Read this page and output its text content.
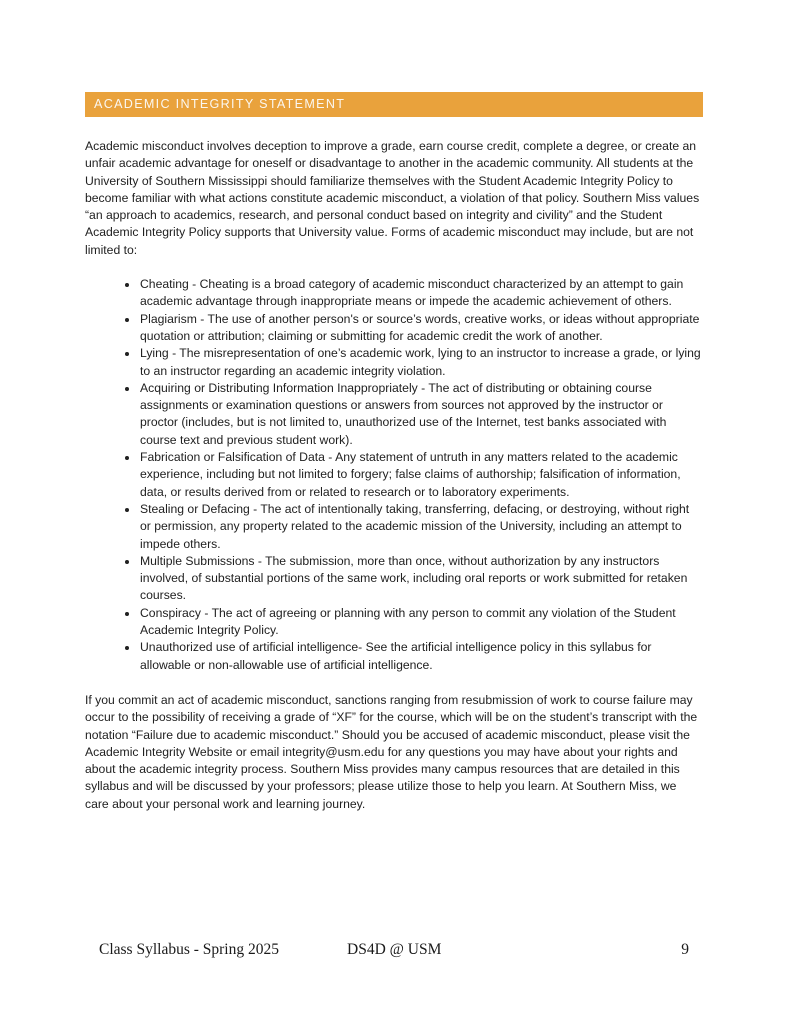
ACADEMIC INTEGRITY STATEMENT

Academic misconduct involves deception to improve a grade, earn course credit, complete a degree, or create an unfair academic advantage for oneself or disadvantage to another in the academic community. All students at the University of Southern Mississippi should familiarize themselves with the Student Academic Integrity Policy to become familiar with what actions constitute academic misconduct, a violation of that policy. Southern Miss values “an approach to academics, research, and personal conduct based on integrity and civility” and the Student Academic Integrity Policy supports that University value. Forms of academic misconduct may include, but are not limited to:

• Cheating - Cheating is a broad category of academic misconduct characterized by an attempt to gain academic advantage through inappropriate means or impede the academic achievement of others.
• Plagiarism - The use of another person's or source’s words, creative works, or ideas without appropriate quotation or attribution; claiming or submitting for academic credit the work of another.
• Lying - The misrepresentation of one’s academic work, lying to an instructor to increase a grade, or lying to an instructor regarding an academic integrity violation.
• Acquiring or Distributing Information Inappropriately - The act of distributing or obtaining course assignments or examination questions or answers from sources not approved by the instructor or proctor (includes, but is not limited to, unauthorized use of the Internet, test banks associated with course text and previous student work).
• Fabrication or Falsification of Data - Any statement of untruth in any matters related to the academic experience, including but not limited to forgery; false claims of authorship; falsification of information, data, or results derived from or related to research or to laboratory experiments.
• Stealing or Defacing - The act of intentionally taking, transferring, defacing, or destroying, without right or permission, any property related to the academic mission of the University, including an attempt to impede others.
• Multiple Submissions - The submission, more than once, without authorization by any instructors involved, of substantial portions of the same work, including oral reports or work submitted for retaken courses.
• Conspiracy - The act of agreeing or planning with any person to commit any violation of the Student Academic Integrity Policy.
• Unauthorized use of artificial intelligence- See the artificial intelligence policy in this syllabus for allowable or non-allowable use of artificial intelligence.

If you commit an act of academic misconduct, sanctions ranging from resubmission of work to course failure may occur to the possibility of receiving a grade of “XF” for the course, which will be on the student’s transcript with the notation “Failure due to academic misconduct.” Should you be accused of academic misconduct, please visit the Academic Integrity Website or email integrity@usm.edu for any questions you may have about your rights and about the academic integrity process. Southern Miss provides many campus resources that are detailed in this syllabus and will be discussed by your professors; please utilize those to help you learn. At Southern Miss, we care about your personal work and learning journey.

Class Syllabus - Spring 2025	DS4D @ USM	9
